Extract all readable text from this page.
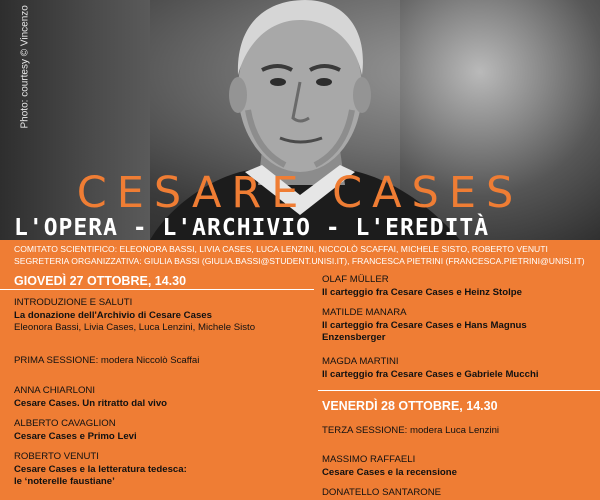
Photo: courtesy © Vincenzo
CESARE CASES
L'OPERA - L'ARCHIVIO - L'EREDITÀ
COMITATO SCIENTIFICO: ELEONORA BASSI, LIVIA CASES, LUCA LENZINI, NICCOLÒ SCAFFAI, MICHELE SISTO, ROBERTO VENUTI
SEGRETERIA ORGANIZZATIVA: GIULIA BASSI (GIULIA.BASSI@STUDENT.UNISI.IT), FRANCESCA PIETRINI (FRANCESCA.PIETRINI@UNISI.IT)
GIOVEDÌ 27 OTTOBRE, 14.30
INTRODUZIONE E SALUTI
La donazione dell'Archivio di Cesare Cases
Eleonora Bassi, Livia Cases, Luca Lenzini, Michele Sisto
PRIMA SESSIONE: modera Niccolò Scaffai
ANNA CHIARLONI
Cesare Cases. Un ritratto dal vivo
ALBERTO CAVAGLION
Cesare Cases e Primo Levi
ROBERTO VENUTI
Cesare Cases e la letteratura tedesca:
le ‘noterelle faustiane’
OLAF MÜLLER
Il carteggio fra Cesare Cases e Heinz Stolpe
MATILDE MANARA
Il carteggio fra Cesare Cases e Hans Magnus
Enzensberger
MAGDA MARTINI
Il carteggio fra Cesare Cases e Gabriele Mucchi
VENERDÌ 28 OTTOBRE, 14.30
TERZA SESSIONE: modera Luca Lenzini
MASSIMO RAFFAELI
Cesare Cases e la recensione
DONATELLO SANTARONE
